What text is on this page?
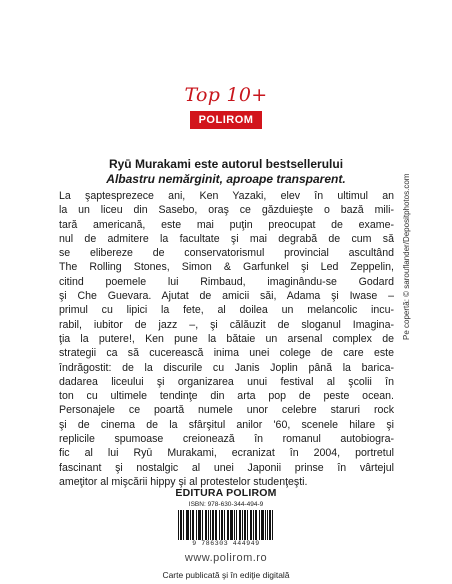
Top 10+
POLIROM
Ryū Murakami este autorul bestsellerului
Albastru nemărginit, aproape transparent.
La şaptesprezece ani, Ken Yazaki, elev în ultimul an
la un liceu din Sasebo, oraş ce găzduieşte o bază mili-
tară americană, este mai puţin preocupat de exame-
nul de admitere la facultate şi mai degrabă de cum să
se elibereze de conservatorismul provincial ascultând
The Rolling Stones, Simon & Garfunkel şi Led Zeppelin,
citind poemele lui Rimbaud, imaginându-se Godard
şi Che Guevara. Ajutat de amicii săi, Adama şi Iwase –
primul cu lipici la fete, al doilea un melancolic incu-
rabil, iubitor de jazz –, şi călăuzit de sloganul Imagina-
ţia la putere!, Ken pune la bătaie un arsenal complex de
strategii ca să cucerească inima unei colege de care este
îndrăgostit: de la discurile cu Janis Joplin până la barica-
dadarea liceului şi organizarea unui festival al şcolii în
ton cu ultimele tendinţe din arta pop de peste ocean.
Personajele ce poartă numele unor celebre staruri rock
şi de cinema de la sfârşitul anilor '60, scenele hilare şi
replicile spumoase creionează în romanul autobiogra-
fic al lui Ryū Murakami, ecranizat în 2004, portretul
fascinant şi nostalgic al unei Japonii prinse în vârtejul
ameţitor al mişcării hippy şi al protestelor studenţeşti.
Pe copertă: © sarouflander/Depositphotos.com
EDITURA POLIROM
ISBN: 978-630-344-494-9
9 786303 444949
www.polirom.ro
Carte publicată şi în ediţie digitală
